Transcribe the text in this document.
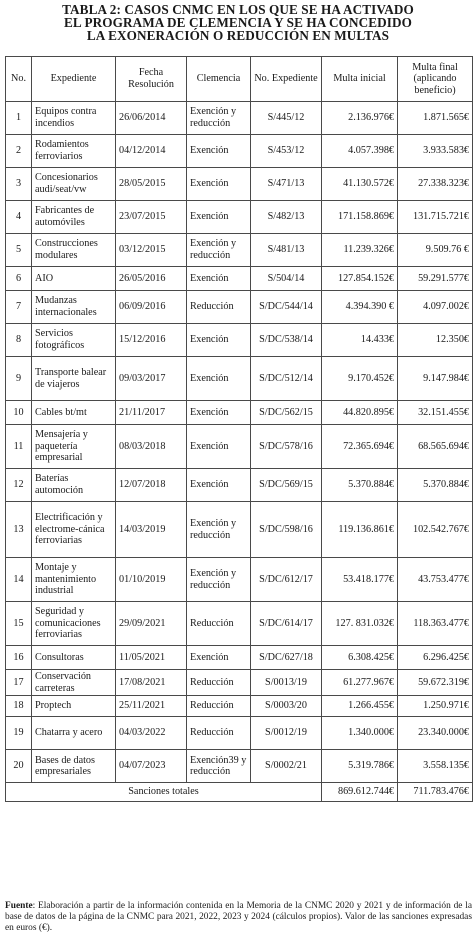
TABLA 2: CASOS CNMC EN LOS QUE SE HA ACTIVADO
EL PROGRAMA DE CLEMENCIA Y SE HA CONCEDIDO
LA EXONERACIÓN O REDUCCIÓN EN MULTAS
No.	Expediente	Fecha Resolución	Clemencia	No. Expediente	Multa inicial	Multa final (aplicando beneficio)
1	Equipos contra incendios	26/06/2014	Exención y reducción	S/445/12	2.136.976€	1.871.565€
2	Rodamientos ferroviarios	04/12/2014	Exención	S/453/12	4.057.398€	3.933.583€
3	Concesionarios audi/seat/vw	28/05/2015	Exención	S/471/13	41.130.572€	27.338.323€
4	Fabricantes de automóviles	23/07/2015	Exención	S/482/13	171.158.869€	131.715.721€
5	Construcciones modulares	03/12/2015	Exención y reducción	S/481/13	11.239.326€	9.509.76 €
6	AIO	26/05/2016	Exención	S/504/14	127.854.152€	59.291.577€
7	Mudanzas internacionales	06/09/2016	Reducción	S/DC/544/14	4.394.390 €	4.097.002€
8	Servicios fotográficos	15/12/2016	Exención	S/DC/538/14	14.433€	12.350€
9	Transporte balear de viajeros	09/03/2017	Exención	S/DC/512/14	9.170.452€	9.147.984€
10	Cables bt/mt	21/11/2017	Exención	S/DC/562/15	44.820.895€	32.151.455€
11	Mensajería y paquetería empresarial	08/03/2018	Exención	S/DC/578/16	72.365.694€	68.565.694€
12	Baterías automoción	12/07/2018	Exención	S/DC/569/15	5.370.884€	5.370.884€
13	Electrificación y electrome-cánica ferroviarias	14/03/2019	Exención y reducción	S/DC/598/16	119.136.861€	102.542.767€
14	Montaje y mantenimiento industrial	01/10/2019	Exención y reducción	S/DC/612/17	53.418.177€	43.753.477€
15	Seguridad y comunicaciones ferroviarias	29/09/2021	Reducción	S/DC/614/17	127. 831.032€	118.363.477€
16	Consultoras	11/05/2021	Exención	S/DC/627/18	6.308.425€	6.296.425€
17	Conservación carreteras	17/08/2021	Reducción	S/0013/19	61.277.967€	59.672.319€
18	Proptech	25/11/2021	Reducción	S/0003/20	1.266.455€	1.250.971€
19	Chatarra y acero	04/03/2022	Reducción	S/0012/19	1.340.000€	23.340.000€
20	Bases de datos empresariales	04/07/2023	Exención39 y reducción	S/0002/21	5.319.786€	3.558.135€
Sanciones totales					869.612.744€	711.783.476€
Fuente: Elaboración a partir de la información contenida en la Memoria de la CNMC 2020 y 2021 y de información de la base de datos de la página de la CNMC para 2021, 2022, 2023 y 2024 (cálculos propios). Valor de las sanciones expresadas en euros (€).
